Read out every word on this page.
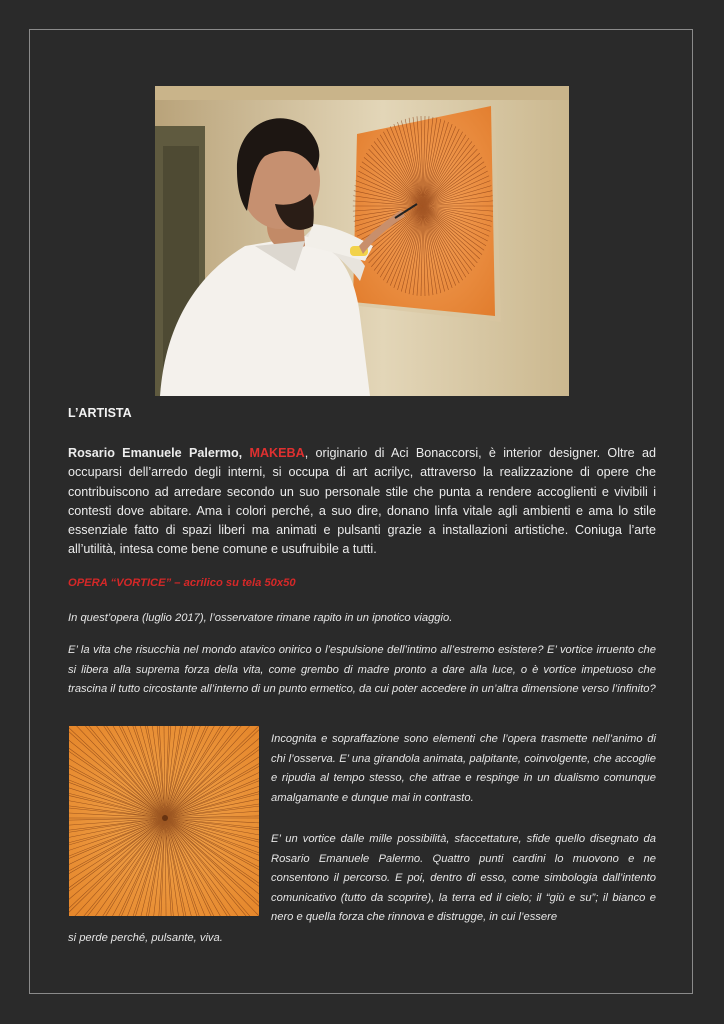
L’ARTISTA
Rosario Emanuele Palermo, MAKEBA, originario di Aci Bonaccorsi, è interior designer. Oltre ad occuparsi dell’arredo degli interni, si occupa di art acrilyc, attraverso la realizzazione di opere che contribuiscono ad arredare secondo un suo personale stile che punta a rendere accoglienti e vivibili i contesti dove abitare. Ama i colori perché, a suo dire, donano linfa vitale agli ambienti e ama lo stile essenziale fatto di spazi liberi ma animati e pulsanti grazie a installazioni artistiche. Coniuga l’arte all’utilità, intesa come bene comune e usufruibile a tutti.
OPERA “VORTICE” – acrilico su tela 50x50
In quest’opera (luglio 2017), l’osservatore rimane rapito in un ipnotico viaggio.
E’ la vita che risucchia nel mondo atavico onirico o l’espulsione dell’intimo all’estremo esistere? E’ vortice irruento che si libera alla suprema forza della vita, come grembo di madre pronto a dare alla luce, o è vortice impetuoso che trascina il tutto circostante all’interno di un punto ermetico, da cui poter accedere in un’altra dimensione verso l’infinito?
Incognita e sopraffazione sono elementi che l’opera trasmette nell’animo di chi l’osserva. E’ una girandola animata, palpitante, coinvolgente, che accoglie e ripudia al tempo stesso, che attrae e respinge in un dualismo comunque amalgamante e dunque mai in contrasto.
E’ un vortice dalle mille possibilità, sfaccettature, sfide quello disegnato da Rosario Emanuele Palermo. Quattro punti cardini lo muovono e ne consentono il percorso. E poi, dentro di esso, come simbologia dall’intento comunicativo (tutto da scoprire), la terra ed il cielo; il “giù e su”; il bianco e nero e quella forza che rinnova e distrugge, in cui l’essere
si perde perché, pulsante, viva.
